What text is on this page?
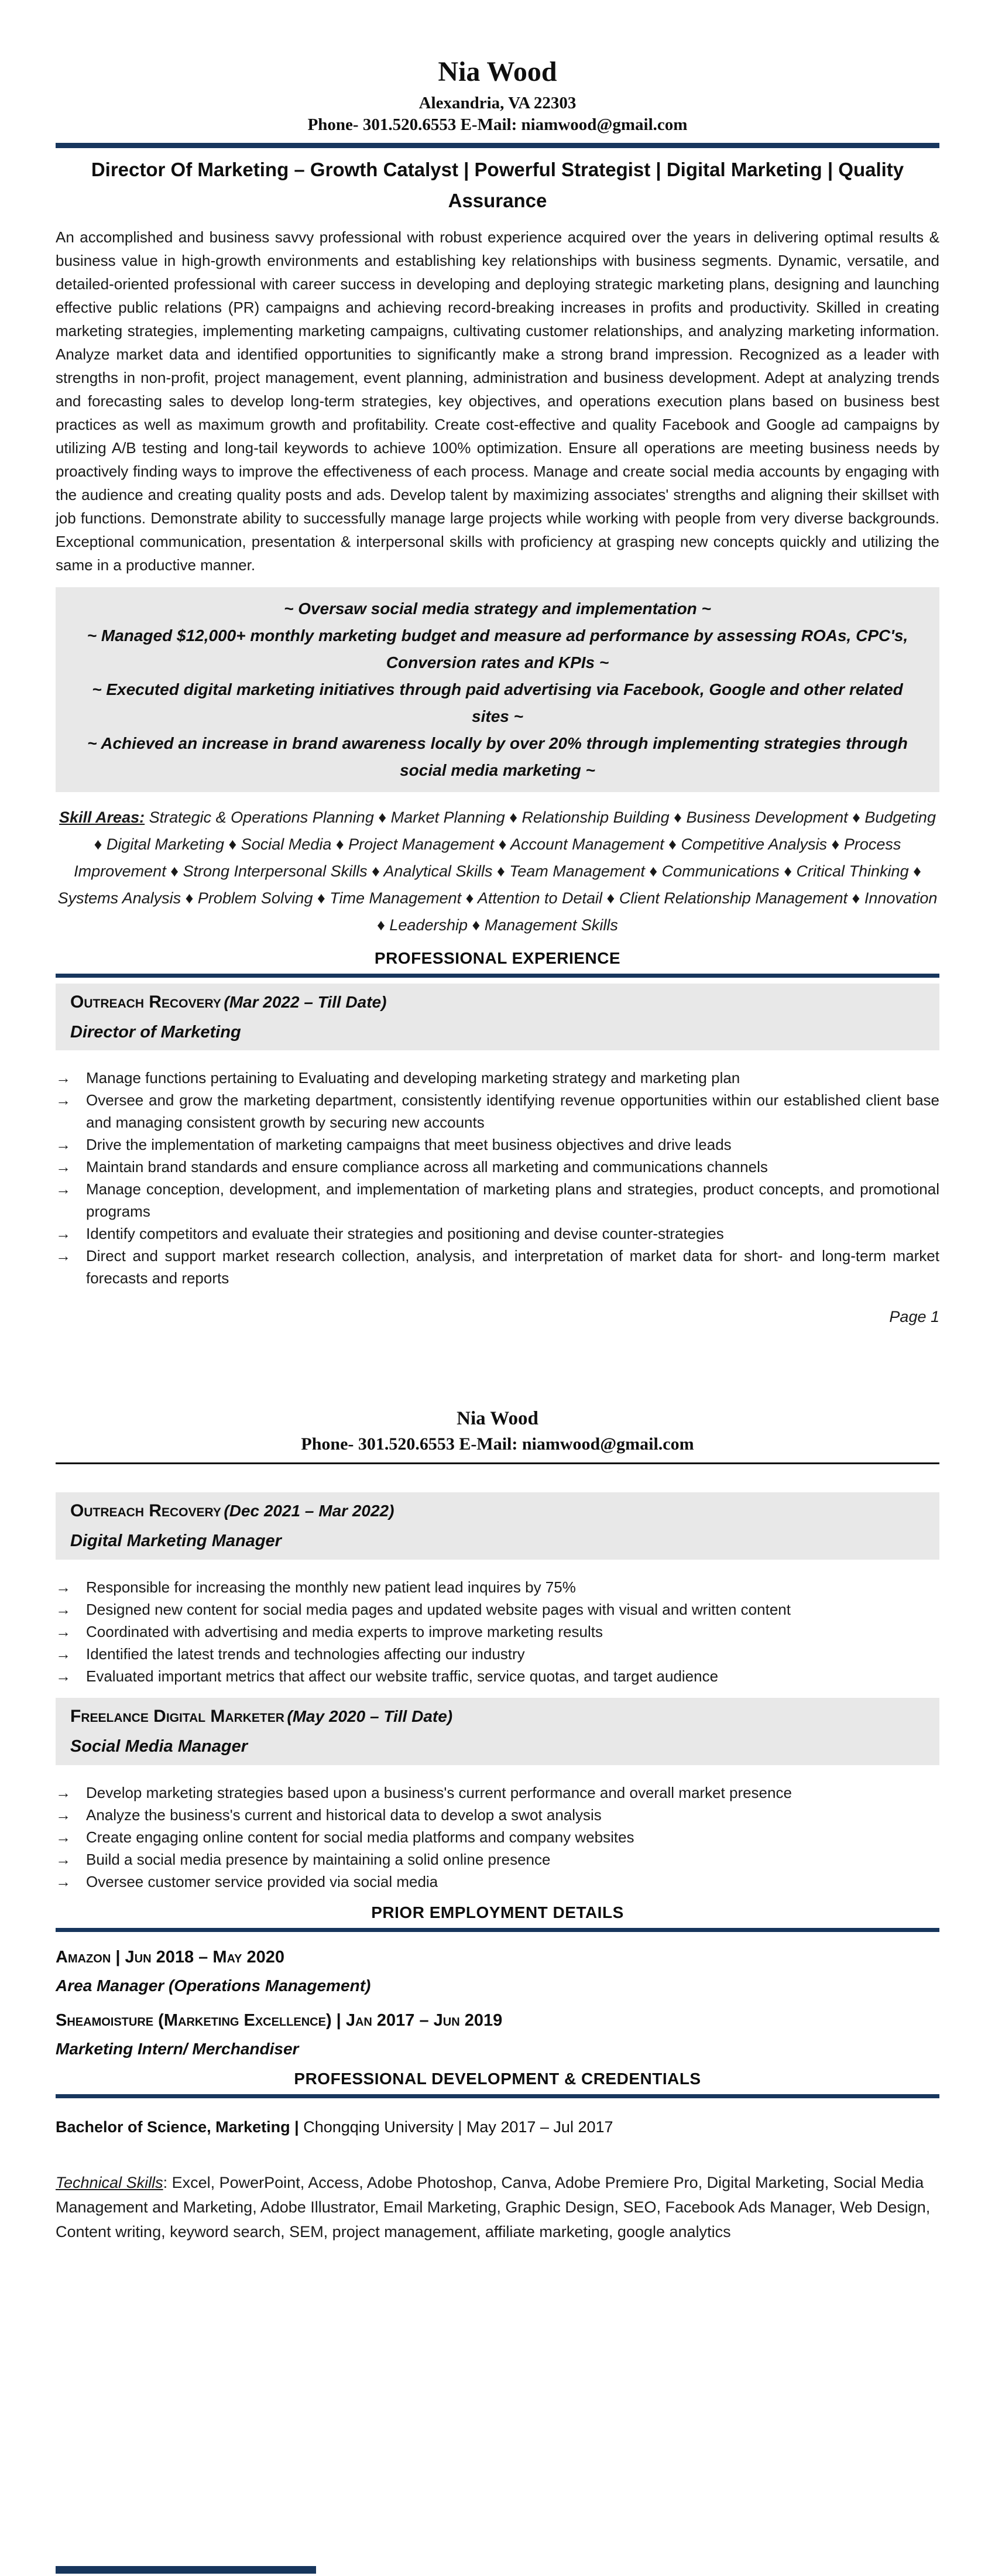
Nia Wood
Alexandria, VA 22303
Phone- 301.520.6553 E-Mail: niamwood@gmail.com
Director Of Marketing – Growth Catalyst | Powerful Strategist | Digital Marketing | Quality Assurance
An accomplished and business savvy professional with robust experience acquired over the years in delivering optimal results & business value in high-growth environments and establishing key relationships with business segments. Dynamic, versatile, and detailed-oriented professional with career success in developing and deploying strategic marketing plans, designing and launching effective public relations (PR) campaigns and achieving record-breaking increases in profits and productivity. Skilled in creating marketing strategies, implementing marketing campaigns, cultivating customer relationships, and analyzing marketing information. Analyze market data and identified opportunities to significantly make a strong brand impression. Recognized as a leader with strengths in non-profit, project management, event planning, administration and business development. Adept at analyzing trends and forecasting sales to develop long-term strategies, key objectives, and operations execution plans based on business best practices as well as maximum growth and profitability. Create cost-effective and quality Facebook and Google ad campaigns by utilizing A/B testing and long-tail keywords to achieve 100% optimization. Ensure all operations are meeting business needs by proactively finding ways to improve the effectiveness of each process. Manage and create social media accounts by engaging with the audience and creating quality posts and ads. Develop talent by maximizing associates' strengths and aligning their skillset with job functions. Demonstrate ability to successfully manage large projects while working with people from very diverse backgrounds. Exceptional communication, presentation & interpersonal skills with proficiency at grasping new concepts quickly and utilizing the same in a productive manner.
~ Oversaw social media strategy and implementation ~
~ Managed $12,000+ monthly marketing budget and measure ad performance by assessing ROAs, CPC's, Conversion rates and KPIs ~
~ Executed digital marketing initiatives through paid advertising via Facebook, Google and other related sites ~
~ Achieved an increase in brand awareness locally by over 20% through implementing strategies through social media marketing ~
Skill Areas: Strategic & Operations Planning ♦ Market Planning ♦ Relationship Building ♦ Business Development ♦ Budgeting ♦ Digital Marketing ♦ Social Media ♦ Project Management ♦ Account Management ♦ Competitive Analysis ♦ Process Improvement ♦ Strong Interpersonal Skills ♦ Analytical Skills ♦ Team Management ♦ Communications ♦ Critical Thinking ♦ Systems Analysis ♦ Problem Solving ♦ Time Management ♦ Attention to Detail ♦ Client Relationship Management ♦ Innovation ♦ Leadership ♦ Management Skills
PROFESSIONAL EXPERIENCE
Outreach Recovery (Mar 2022 – Till Date)
Director of Marketing
→	Manage functions pertaining to Evaluating and developing marketing strategy and marketing plan
→	Oversee and grow the marketing department, consistently identifying revenue opportunities within our established client base and managing consistent growth by securing new accounts
→	Drive the implementation of marketing campaigns that meet business objectives and drive leads
→	Maintain brand standards and ensure compliance across all marketing and communications channels
→	Manage conception, development, and implementation of marketing plans and strategies, product concepts, and promotional programs
→	Identify competitors and evaluate their strategies and positioning and devise counter-strategies
→	Direct and support market research collection, analysis, and interpretation of market data for short- and long-term market forecasts and reports
Page 1
Nia Wood
Phone- 301.520.6553 E-Mail: niamwood@gmail.com
Outreach Recovery (Dec 2021 – Mar 2022)
Digital Marketing Manager
→	Responsible for increasing the monthly new patient lead inquires by 75%
→	Designed new content for social media pages and updated website pages with visual and written content
→	Coordinated with advertising and media experts to improve marketing results
→	Identified the latest trends and technologies affecting our industry
→	Evaluated important metrics that affect our website traffic, service quotas, and target audience
Freelance Digital Marketer (May 2020 – Till Date)
Social Media Manager
→	Develop marketing strategies based upon a business's current performance and overall market presence
→	Analyze the business's current and historical data to develop a swot analysis
→	Create engaging online content for social media platforms and company websites
→	Build a social media presence by maintaining a solid online presence
→	Oversee customer service provided via social media
PRIOR EMPLOYMENT DETAILS
Amazon | Jun 2018 – May 2020
Area Manager (Operations Management)
Sheamoisture (Marketing Excellence) | Jan 2017 – Jun 2019
Marketing Intern/ Merchandiser
PROFESSIONAL DEVELOPMENT & CREDENTIALS
Bachelor of Science, Marketing | Chongqing University | May 2017 – Jul 2017
Technical Skills: Excel, PowerPoint, Access, Adobe Photoshop, Canva, Adobe Premiere Pro, Digital Marketing, Social Media Management and Marketing, Adobe Illustrator, Email Marketing, Graphic Design, SEO, Facebook Ads Manager, Web Design, Content writing, keyword search, SEM, project management, affiliate marketing, google analytics
